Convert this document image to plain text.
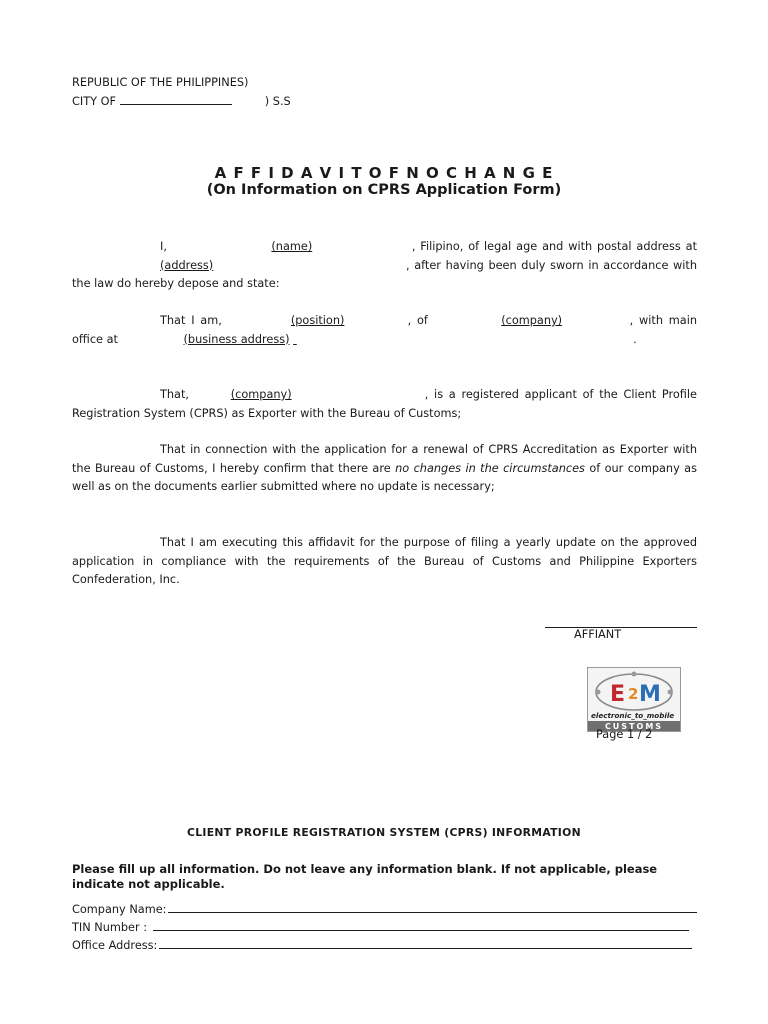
REPUBLIC OF THE PHILIPPINES)
CITY OF	) S.S
A F F I D A V I T O F N O C H A N G E
(On Information on CPRS Application Form)
I,	(name)	, Filipino, of legal age and with postal address at (address)	, after having been duly sworn in accordance with the law do hereby depose and state:
That I am,	(position)	, of	(company)	, with main office at	(business address)	.
That,	(company)	, is a registered applicant of the Client Profile Registration System (CPRS) as Exporter with the Bureau of Customs;
That in connection with the application for a renewal of CPRS Accreditation as Exporter with the Bureau of Customs, I hereby confirm that there are no changes in the circumstances of our company as well as on the documents earlier submitted where no update is necessary;
That I am executing this affidavit for the purpose of filing a yearly update on the approved application in compliance with the requirements of the Bureau of Customs and Philippine Exporters Confederation, Inc.
AFFIANT
E 2 M
electronic_to_mobile
CUSTOMS
Page 1 / 2
CLIENT PROFILE REGISTRATION SYSTEM (CPRS) INFORMATION
Please fill up all information. Do not leave any information blank. If not applicable, please indicate not applicable.
Company Name:
TIN Number :
Office Address:
